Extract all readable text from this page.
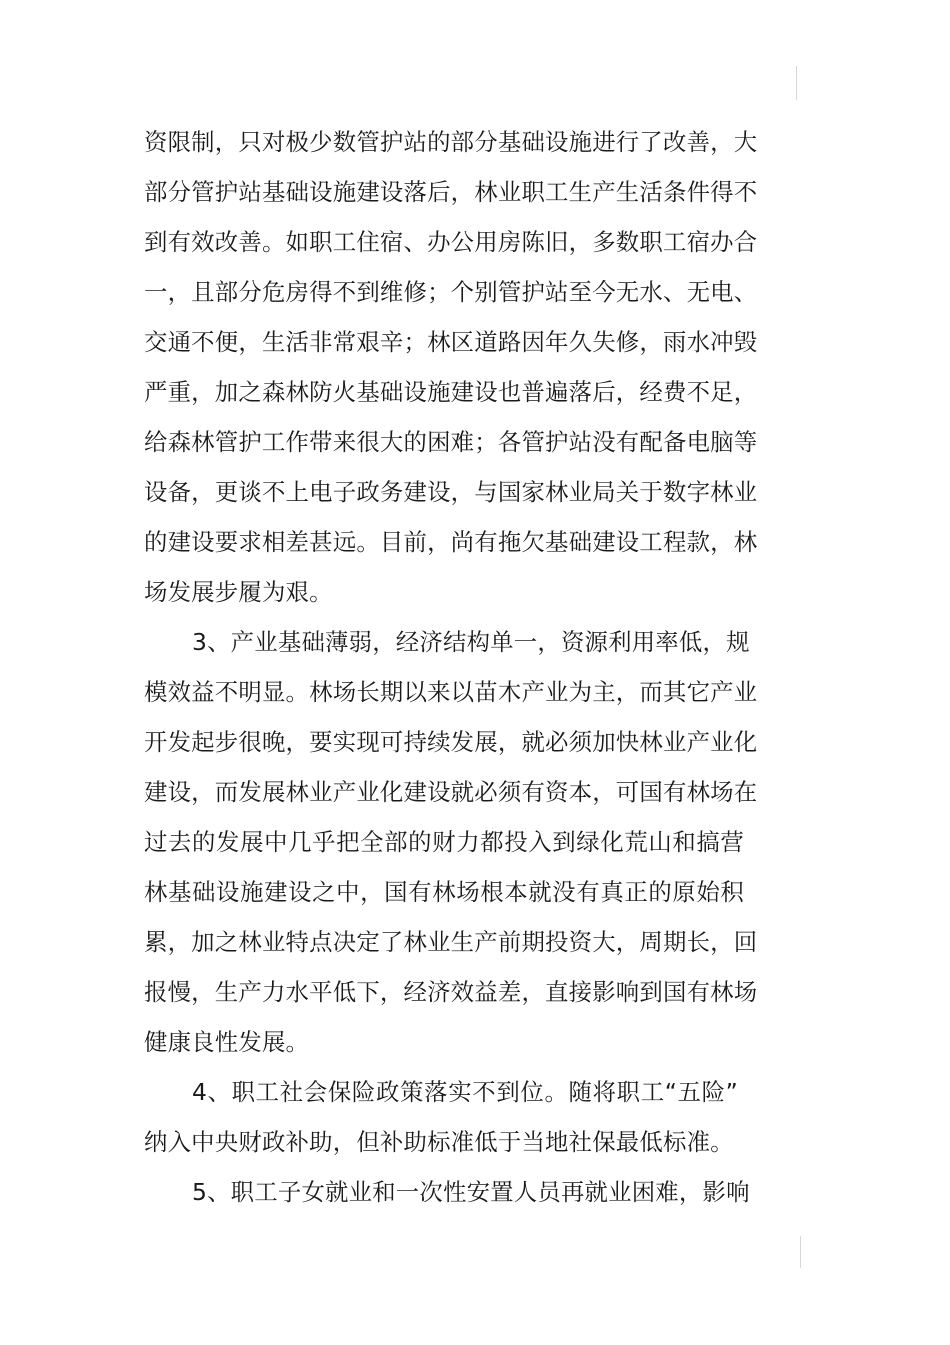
资限制，只对极少数管护站的部分基础设施进行了改善，大
部分管护站基础设施建设落后，林业职工生产生活条件得不
到有效改善。如职工住宿、办公用房陈旧，多数职工宿办合
一，且部分危房得不到维修；个别管护站至今无水、无电、
交通不便，生活非常艰辛；林区道路因年久失修，雨水冲毁
严重，加之森林防火基础设施建设也普遍落后，经费不足，
给森林管护工作带来很大的困难；各管护站没有配备电脑等
设备，更谈不上电子政务建设，与国家林业局关于数字林业
的建设要求相差甚远。目前，尚有拖欠基础建设工程款，林
场发展步履为艰。
3、产业基础薄弱，经济结构单一，资源利用率低，规
模效益不明显。林场长期以来以苗木产业为主，而其它产业
开发起步很晚，要实现可持续发展，就必须加快林业产业化
建设，而发展林业产业化建设就必须有资本，可国有林场在
过去的发展中几乎把全部的财力都投入到绿化荒山和搞营
林基础设施建设之中，国有林场根本就没有真正的原始积
累，加之林业特点决定了林业生产前期投资大，周期长，回
报慢，生产力水平低下，经济效益差，直接影响到国有林场
健康良性发展。
4、职工社会保险政策落实不到位。随将职工“五险”
纳入中央财政补助，但补助标准低于当地社保最低标准。
5、职工子女就业和一次性安置人员再就业困难，影响
